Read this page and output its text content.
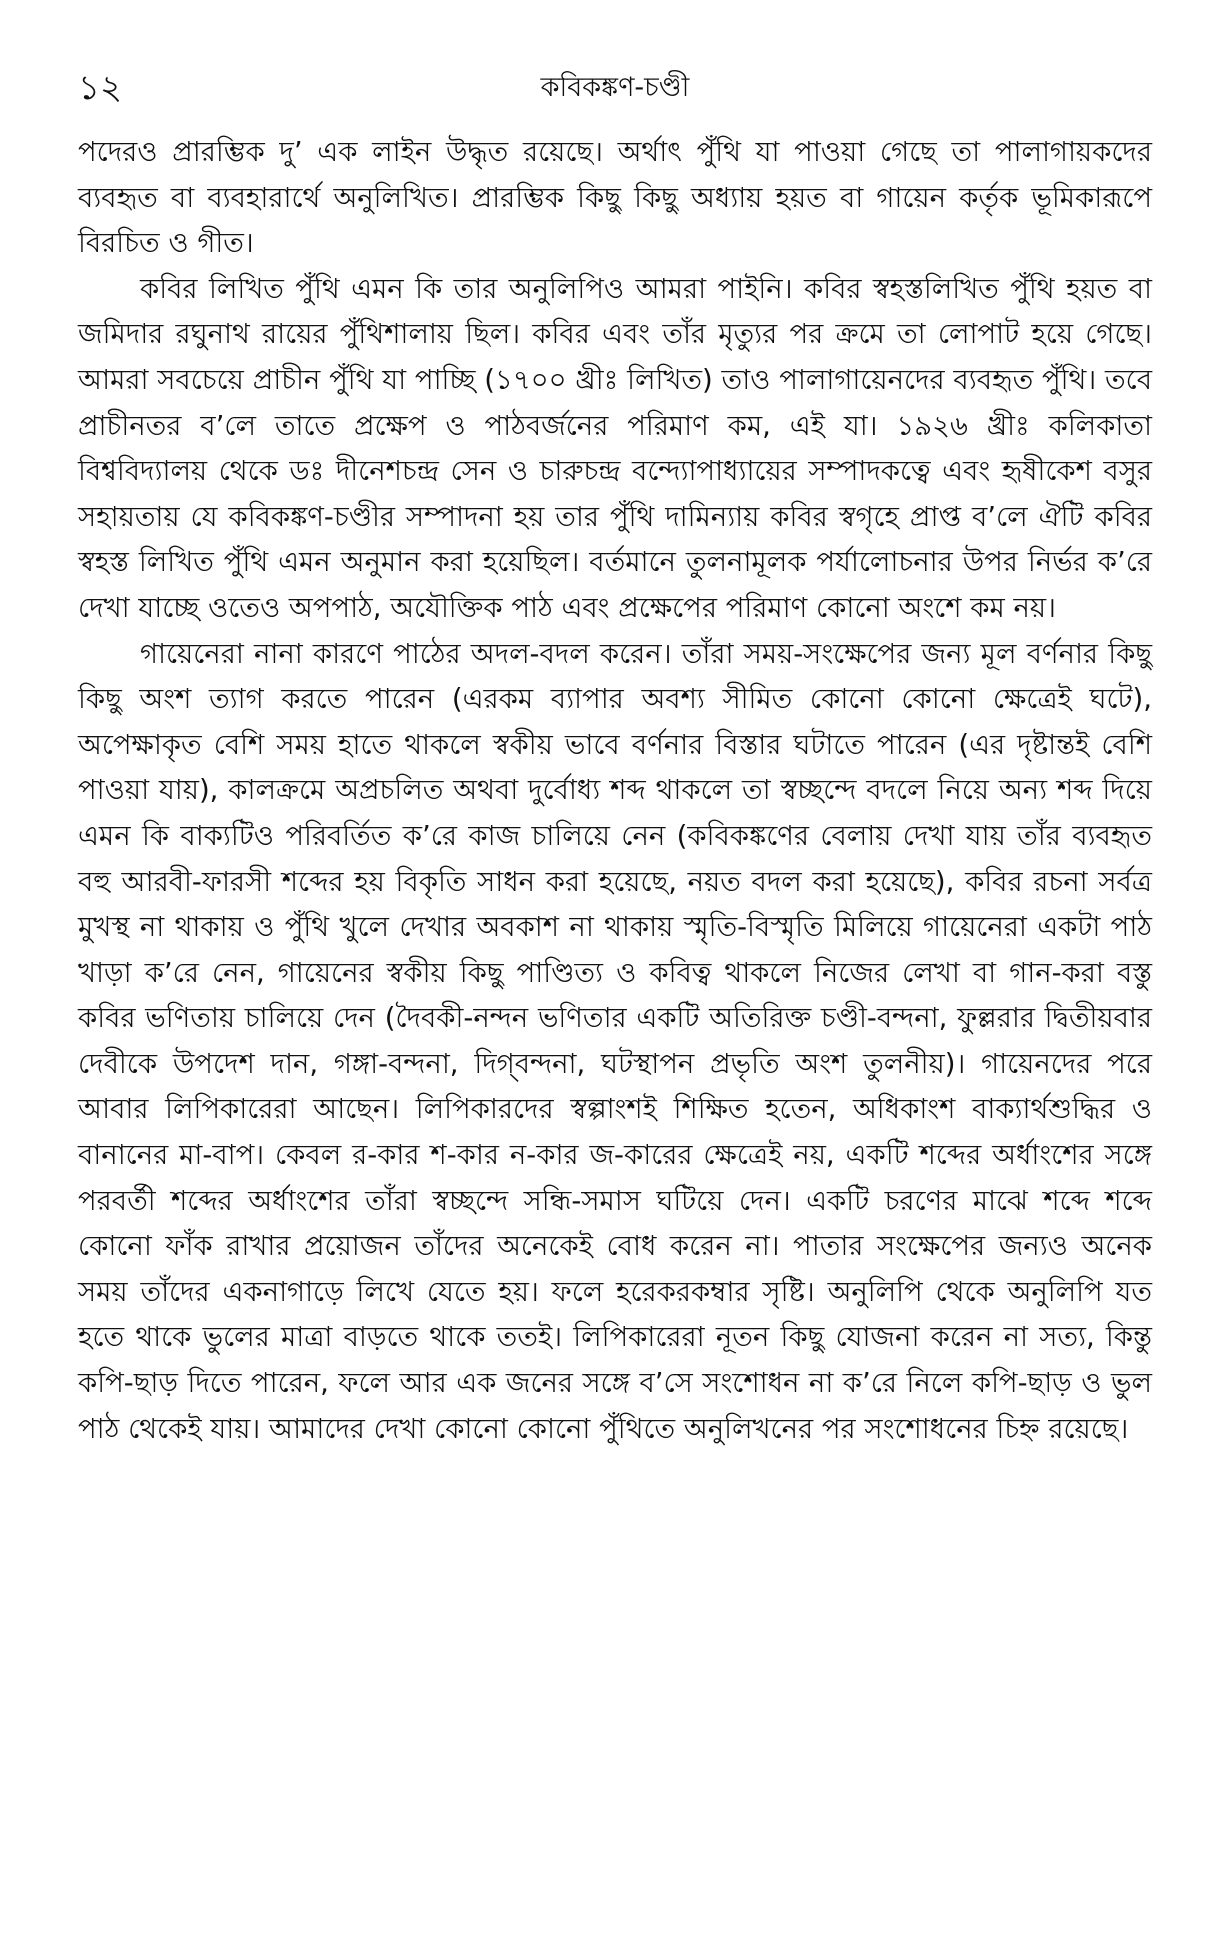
১২	কবিকঙ্কণ-চণ্ডী

পদেরও প্রারম্ভিক দু’ এক লাইন উদ্ধৃত রয়েছে। অর্থাৎ পুঁথি যা পাওয়া গেছে তা পালাগায়কদের ব্যবহৃত বা ব্যবহারার্থে অনুলিখিত। প্রারম্ভিক কিছু কিছু অধ্যায় হয়ত বা গায়েন কর্তৃক ভূমিকারূপে বিরচিত ও গীত।

কবির লিখিত পুঁথি এমন কি তার অনুলিপিও আমরা পাইনি। কবির স্বহস্তলিখিত পুঁথি হয়ত বা জমিদার রঘুনাথ রায়ের পুঁথিশালায় ছিল। কবির এবং তাঁর মৃত্যুর পর ক্রমে তা লোপাট হয়ে গেছে। আমরা সবচেয়ে প্রাচীন পুঁথি যা পাচ্ছি (১৭০০ খ্রীঃ লিখিত) তাও পালাগায়েনদের ব্যবহৃত পুঁথি। তবে প্রাচীনতর ব’লে তাতে প্রক্ষেপ ও পাঠবর্জনের পরিমাণ কম, এই যা। ১৯২৬ খ্রীঃ কলিকাতা বিশ্ববিদ্যালয় থেকে ডঃ দীনেশচন্দ্র সেন ও চারুচন্দ্র বন্দ্যোপাধ্যায়ের সম্পাদকত্বে এবং হৃষীকেশ বসুর সহায়তায় যে কবিকঙ্কণ-চণ্ডীর সম্পাদনা হয় তার পুঁথি দামিন্যায় কবির স্বগৃহে প্রাপ্ত ব’লে ঐটি কবির স্বহস্ত লিখিত পুঁথি এমন অনুমান করা হয়েছিল। বর্তমানে তুলনামূলক পর্যালোচনার উপর নির্ভর ক’রে দেখা যাচ্ছে ওতেও অপপাঠ, অযৌক্তিক পাঠ এবং প্রক্ষেপের পরিমাণ কোনো অংশে কম নয়।

গায়েনেরা নানা কারণে পাঠের অদল-বদল করেন। তাঁরা সময়-সংক্ষেপের জন্য মূল বর্ণনার কিছু কিছু অংশ ত্যাগ করতে পারেন (এরকম ব্যাপার অবশ্য সীমিত কোনো কোনো ক্ষেত্রেই ঘটে), অপেক্ষাকৃত বেশি সময় হাতে থাকলে স্বকীয় ভাবে বর্ণনার বিস্তার ঘটাতে পারেন (এর দৃষ্টান্তই বেশি পাওয়া যায়), কালক্রমে অপ্রচলিত অথবা দুর্বোধ্য শব্দ থাকলে তা স্বচ্ছন্দে বদলে নিয়ে অন্য শব্দ দিয়ে এমন কি বাক্যটিও পরিবর্তিত ক’রে কাজ চালিয়ে নেন (কবিকঙ্কণের বেলায় দেখা যায় তাঁর ব্যবহৃত বহু আরবী-ফারসী শব্দের হয় বিকৃতি সাধন করা হয়েছে, নয়ত বদল করা হয়েছে), কবির রচনা সর্বত্র মুখস্থ না থাকায় ও পুঁথি খুলে দেখার অবকাশ না থাকায় স্মৃতি-বিস্মৃতি মিলিয়ে গায়েনেরা একটা পাঠ খাড়া ক’রে নেন, গায়েনের স্বকীয় কিছু পাণ্ডিত্য ও কবিত্ব থাকলে নিজের লেখা বা গান-করা বস্তু কবির ভণিতায় চালিয়ে দেন (দৈবকী-নন্দন ভণিতার একটি অতিরিক্ত চণ্ডী-বন্দনা, ফুল্লরার দ্বিতীয়বার দেবীকে উপদেশ দান, গঙ্গা-বন্দনা, দিগ্‌বন্দনা, ঘটস্থাপন প্রভৃতি অংশ তুলনীয়)। গায়েনদের পরে আবার লিপিকারেরা আছেন। লিপিকারদের স্বল্পাংশই শিক্ষিত হতেন, অধিকাংশ বাক্যার্থশুদ্ধির ও বানানের মা-বাপ। কেবল র-কার শ-কার ন-কার জ-কারের ক্ষেত্রেই নয়, একটি শব্দের অর্ধাংশের সঙ্গে পরবর্তী শব্দের অর্ধাংশের তাঁরা স্বচ্ছন্দে সন্ধি-সমাস ঘটিয়ে দেন। একটি চরণের মাঝে শব্দে শব্দে কোনো ফাঁক রাখার প্রয়োজন তাঁদের অনেকেই বোধ করেন না। পাতার সংক্ষেপের জন্যও অনেক সময় তাঁদের একনাগাড়ে লিখে যেতে হয়। ফলে হরেকরকম্বার সৃষ্টি। অনুলিপি থেকে অনুলিপি যত হতে থাকে ভুলের মাত্রা বাড়তে থাকে ততই। লিপিকারেরা নূতন কিছু যোজনা করেন না সত্য, কিন্তু কপি-ছাড় দিতে পারেন, ফলে আর এক জনের সঙ্গে ব’সে সংশোধন না ক’রে নিলে কপি-ছাড় ও ভুল পাঠ থেকেই যায়। আমাদের দেখা কোনো কোনো পুঁথিতে অনুলিখনের পর সংশোধনের চিহ্ন রয়েছে।
